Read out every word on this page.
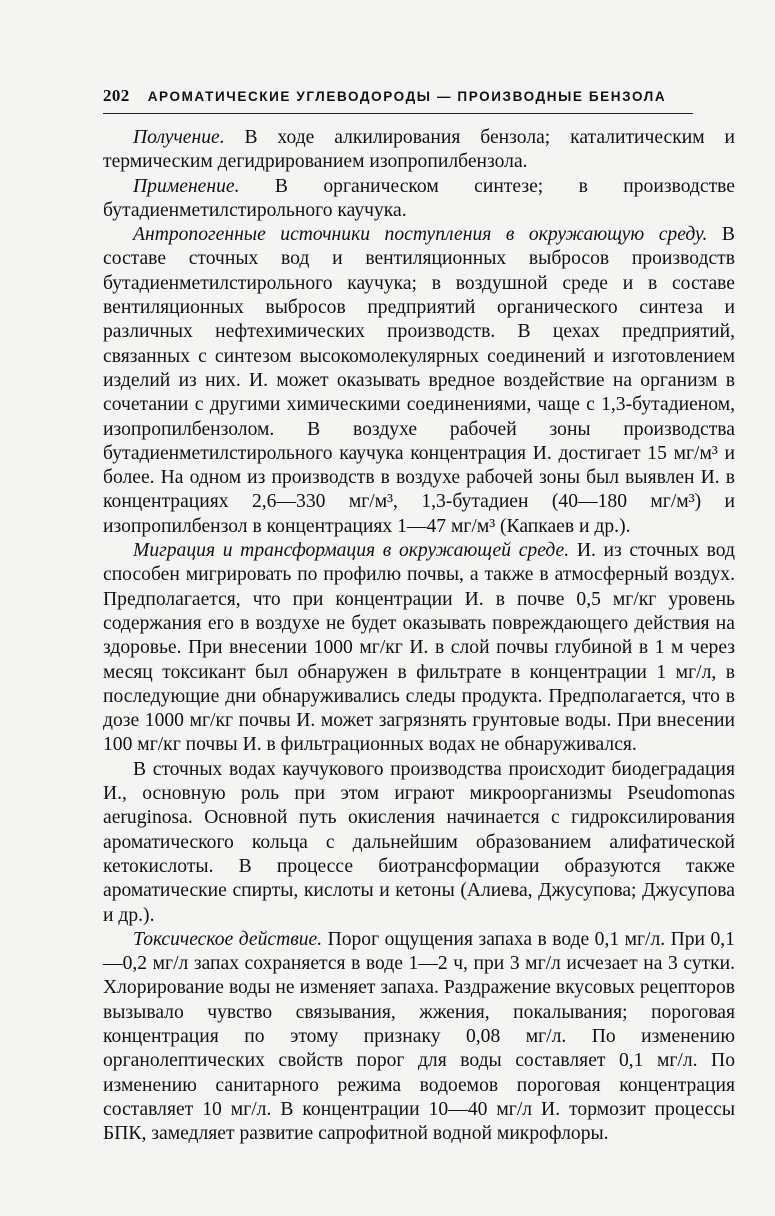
202 АРОМАТИЧЕСКИЕ УГЛЕВОДОРОДЫ — ПРОИЗВОДНЫЕ БЕНЗОЛА

Получение. В ходе алкилирования бензола; каталитическим и термическим дегидрированием изопропилбензола.

Применение. В органическом синтезе; в производстве бутадиенметилстирольного каучука.

Антропогенные источники поступления в окружающую среду. В составе сточных вод и вентиляционных выбросов производств бутадиенметилстирольного каучука; в воздушной среде и в составе вентиляционных выбросов предприятий органического синтеза и различных нефтехимических производств. В цехах предприятий, связанных с синтезом высокомолекулярных соединений и изготовлением изделий из них. И. может оказывать вредное воздействие на организм в сочетании с другими химическими соединениями, чаще с 1,3-бутадиеном, изопропилбензолом. В воздухе рабочей зоны производства бутадиенметилстирольного каучука концентрация И. достигает 15 мг/м³ и более. На одном из производств в воздухе рабочей зоны был выявлен И. в концентрациях 2,6—330 мг/м³, 1,3-бутадиен (40—180 мг/м³) и изопропилбензол в концентрациях 1—47 мг/м³ (Капкаев и др.).

Миграция и трансформация в окружающей среде. И. из сточных вод способен мигрировать по профилю почвы, а также в атмосферный воздух. Предполагается, что при концентрации И. в почве 0,5 мг/кг уровень содержания его в воздухе не будет оказывать повреждающего действия на здоровье. При внесении 1000 мг/кг И. в слой почвы глубиной в 1 м через месяц токсикант был обнаружен в фильтрате в концентрации 1 мг/л, в последующие дни обнаруживались следы продукта. Предполагается, что в дозе 1000 мг/кг почвы И. может загрязнять грунтовые воды. При внесении 100 мг/кг почвы И. в фильтрационных водах не обнаруживался.

В сточных водах каучукового производства происходит биодеградация И., основную роль при этом играют микроорганизмы Pseudomonas aeruginosa. Основной путь окисления начинается с гидроксилирования ароматического кольца с дальнейшим образованием алифатической кетокислоты. В процессе биотрансформации образуются также ароматические спирты, кислоты и кетоны (Алиева, Джусупова; Джусупова и др.).

Токсическое действие. Порог ощущения запаха в воде 0,1 мг/л. При 0,1—0,2 мг/л запах сохраняется в воде 1—2 ч, при 3 мг/л исчезает на 3 сутки. Хлорирование воды не изменяет запаха. Раздражение вкусовых рецепторов вызывало чувство связывания, жжения, покалывания; пороговая концентрация по этому признаку 0,08 мг/л. По изменению органолептических свойств порог для воды составляет 0,1 мг/л. По изменению санитарного режима водоемов пороговая концентрация составляет 10 мг/л. В концентрации 10—40 мг/л И. тормозит процессы БПК, замедляет развитие сапрофитной водной микрофлоры.
